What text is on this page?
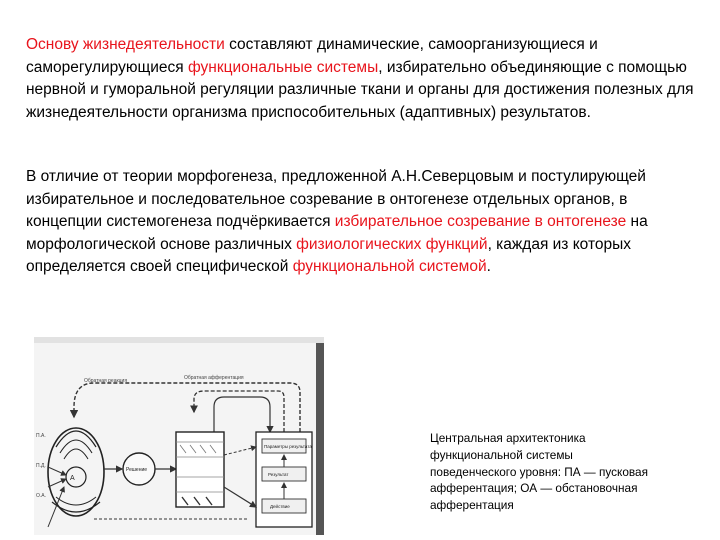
Основу жизнедеятельности составляют динамические, самоорганизующиеся и саморегулирующиеся функциональные системы, избирательно объединяющие с помощью нервной и гуморальной регуляции различные ткани и органы для достижения полезных для жизнедеятельности организма приспособительных (адаптивных) результатов.

В отличие от теории морфогенеза, предложенной А.Н.Северцовым и постулирующей избирательное и последовательное созревание в онтогенезе отдельных органов, в концепции системогенеза подчёркивается избирательное созревание в онтогенезе на морфологической основе различных физиологических функций, каждая из которых определяется своей специфической функциональной системой.

Обратная афферентация
Обратная реакция
A
П.А.
П.Д.
О.А.
Решение
Параметры результата
Результат
Действие

Центральная архитектоника функциональной системы поведенческого уровня: ПА — пусковая афферентация; ОА — обстановочная афферентация
